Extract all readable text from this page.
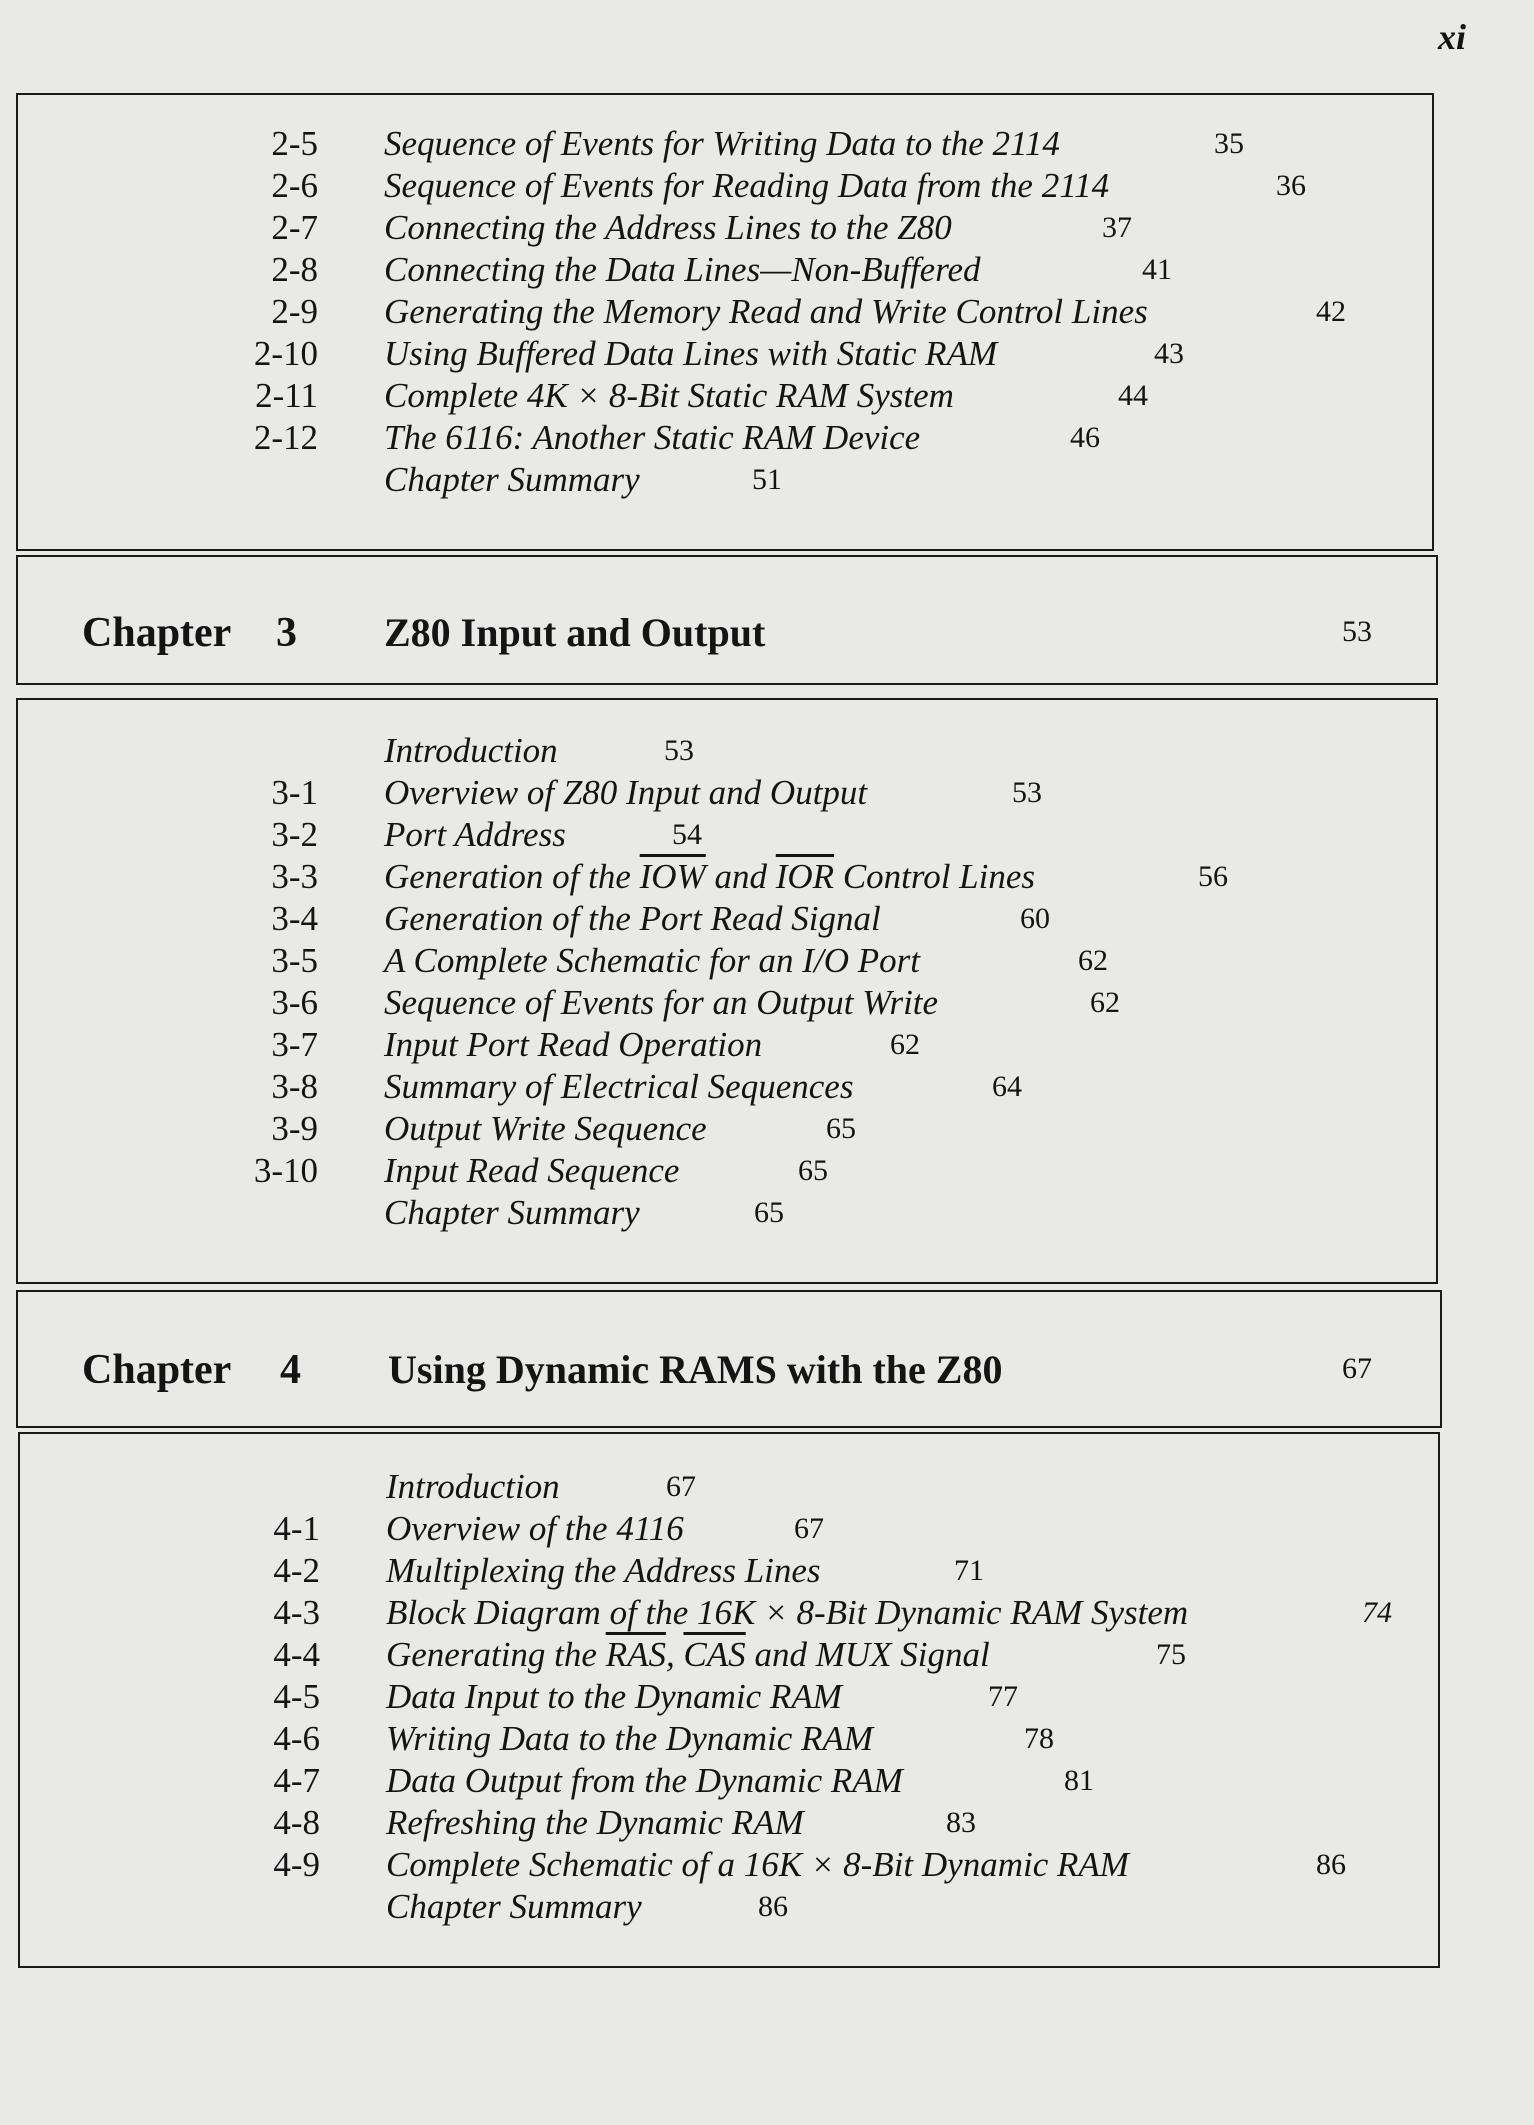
xi
2-5 Sequence of Events for Writing Data to the 2114	35
2-6 Sequence of Events for Reading Data from the 2114	36
2-7 Connecting the Address Lines to the Z80	37
2-8 Connecting the Data Lines—Non-Buffered	41
2-9 Generating the Memory Read and Write Control Lines	42
2-10 Using Buffered Data Lines with Static RAM	43
2-11 Complete 4K × 8-Bit Static RAM System	44
2-12 The 6116: Another Static RAM Device	46
Chapter Summary	51
Chapter 3 Z80 Input and Output	53
Introduction	53
3-1 Overview of Z80 Input and Output	53
3-2 Port Address	54
3-3 Generation of the $\overline{IOW}$ and $\overline{IOR}$ Control Lines	56
3-4 Generation of the Port Read Signal	60
3-5 A Complete Schematic for an I/O Port	62
3-6 Sequence of Events for an Output Write	62
3-7 Input Port Read Operation	62
3-8 Summary of Electrical Sequences	64
3-9 Output Write Sequence	65
3-10 Input Read Sequence	65
Chapter Summary	65
Chapter 4 Using Dynamic RAMS with the Z80	67
Introduction	67
4-1 Overview of the 4116	67
4-2 Multiplexing the Address Lines	71
4-3 Block Diagram of the 16K × 8-Bit Dynamic RAM System	74
4-4 Generating the $\overline{RAS}$, $\overline{CAS}$ and MUX Signal	75
4-5 Data Input to the Dynamic RAM	77
4-6 Writing Data to the Dynamic RAM	78
4-7 Data Output from the Dynamic RAM	81
4-8 Refreshing the Dynamic RAM	83
4-9 Complete Schematic of a 16K × 8-Bit Dynamic RAM	86
Chapter Summary	86
